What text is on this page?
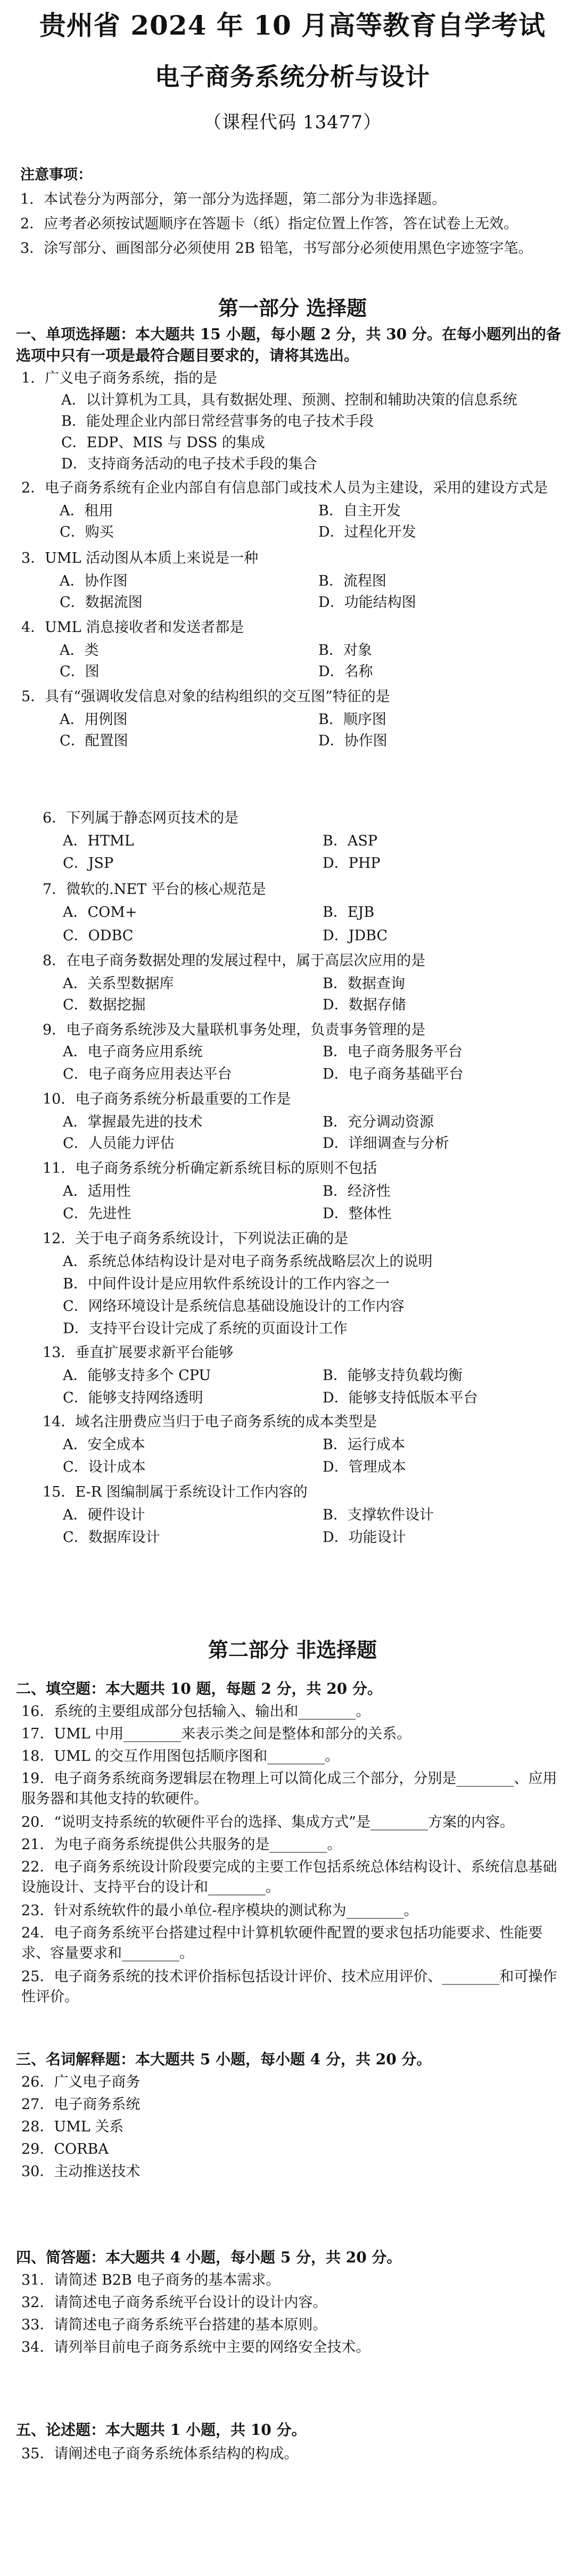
贵州省 2024 年 10 月高等教育自学考试
电子商务系统分析与设计
（课程代码 13477）
注意事项：
1．本试卷分为两部分，第一部分为选择题，第二部分为非选择题。
2．应考者必须按试题顺序在答题卡（纸）指定位置上作答，答在试卷上无效。
3．涂写部分、画图部分必须使用 2B 铅笔，书写部分必须使用黑色字迹签字笔。
第一部分 选择题
一、单项选择题：本大题共 15 小题，每小题 2 分，共 30 分。在每小题列出的备选项中只有一项是最符合题目要求的，请将其选出。
1．广义电子商务系统，指的是
A．以计算机为工具，具有数据处理、预测、控制和辅助决策的信息系统
B．能处理企业内部日常经营事务的电子技术手段
C．EDP、MIS 与 DSS 的集成
D．支持商务活动的电子技术手段的集合
2．电子商务系统有企业内部自有信息部门或技术人员为主建设，采用的建设方式是
A．租用	B．自主开发
C．购买	D．过程化开发
3．UML 活动图从本质上来说是一种
A．协作图	B．流程图
C．数据流图	D．功能结构图
4．UML 消息接收者和发送者都是
A．类	B．对象
C．图	D．名称
5．具有“强调收发信息对象的结构组织的交互图”特征的是
A．用例图	B．顺序图
C．配置图	D．协作图
6．下列属于静态网页技术的是
A．HTML	B．ASP
C．JSP	D．PHP
7．微软的.NET 平台的核心规范是
A．COM+	B．EJB
C．ODBC	D．JDBC
8．在电子商务数据处理的发展过程中，属于高层次应用的是
A．关系型数据库	B．数据查询
C．数据挖掘	D．数据存储
9．电子商务系统涉及大量联机事务处理，负责事务管理的是
A．电子商务应用系统	B．电子商务服务平台
C．电子商务应用表达平台	D．电子商务基础平台
10．电子商务系统分析最重要的工作是
A．掌握最先进的技术	B．充分调动资源
C．人员能力评估	D．详细调查与分析
11．电子商务系统分析确定新系统目标的原则不包括
A．适用性	B．经济性
C．先进性	D．整体性
12．关于电子商务系统设计，下列说法正确的是
A．系统总体结构设计是对电子商务系统战略层次上的说明
B．中间件设计是应用软件系统设计的工作内容之一
C．网络环境设计是系统信息基础设施设计的工作内容
D．支持平台设计完成了系统的页面设计工作
13．垂直扩展要求新平台能够
A．能够支持多个 CPU	B．能够支持负载均衡
C．能够支持网络透明	D．能够支持低版本平台
14．域名注册费应当归于电子商务系统的成本类型是
A．安全成本	B．运行成本
C．设计成本	D．管理成本
15．E-R 图编制属于系统设计工作内容的
A．硬件设计	B．支撑软件设计
C．数据库设计	D．功能设计
第二部分 非选择题
二、填空题：本大题共 10 题，每题 2 分，共 20 分。
16．系统的主要组成部分包括输入、输出和________。
17．UML 中用________来表示类之间是整体和部分的关系。
18．UML 的交互作用图包括顺序图和________。
19．电子商务系统商务逻辑层在物理上可以简化成三个部分，分别是________、应用服务器和其他支持的软硬件。
20．“说明支持系统的软硬件平台的选择、集成方式”是________方案的内容。
21．为电子商务系统提供公共服务的是________。
22．电子商务系统设计阶段要完成的主要工作包括系统总体结构设计、系统信息基础设施设计、支持平台的设计和________。
23．针对系统软件的最小单位-程序模块的测试称为________。
24．电子商务系统平台搭建过程中计算机软硬件配置的要求包括功能要求、性能要求、容量要求和________。
25．电子商务系统的技术评价指标包括设计评价、技术应用评价、________和可操作性评价。
三、名词解释题：本大题共 5 小题，每小题 4 分，共 20 分。
26．广义电子商务
27．电子商务系统
28．UML 关系
29．CORBA
30．主动推送技术
四、简答题：本大题共 4 小题，每小题 5 分，共 20 分。
31．请简述 B2B 电子商务的基本需求。
32．请简述电子商务系统平台设计的设计内容。
33．请简述电子商务系统平台搭建的基本原则。
34．请列举目前电子商务系统中主要的网络安全技术。
五、论述题：本大题共 1 小题，共 10 分。
35．请阐述电子商务系统体系结构的构成。
